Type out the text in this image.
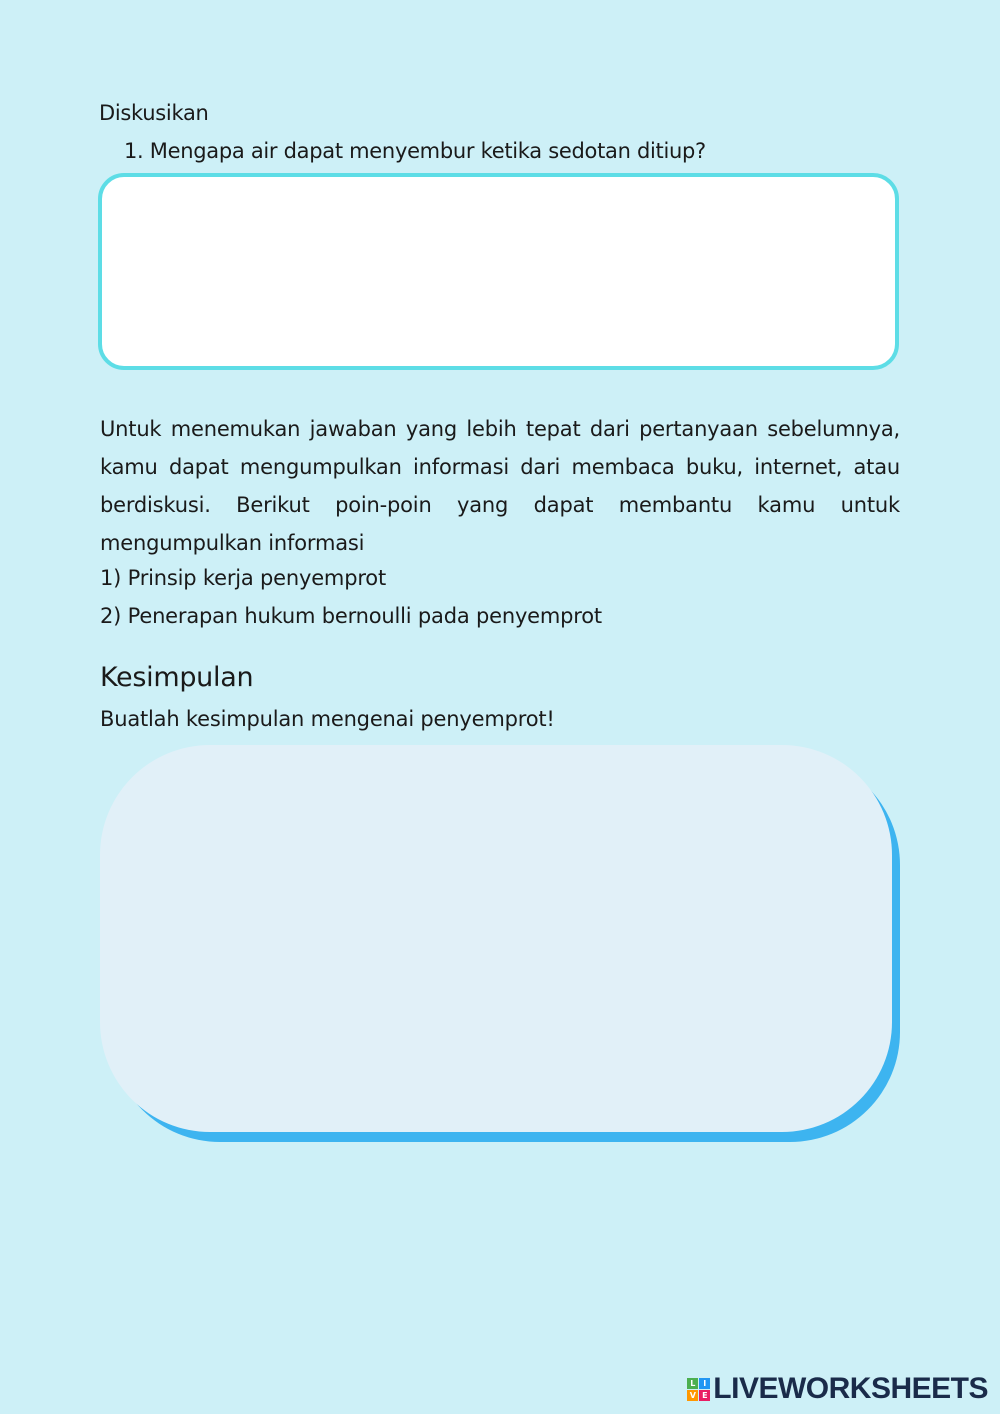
Diskusikan
1. Mengapa air dapat menyembur ketika sedotan ditiup?
Untuk menemukan jawaban yang lebih tepat dari pertanyaan sebelumnya, kamu dapat mengumpulkan informasi dari membaca buku, internet, atau berdiskusi. Berikut poin-poin yang dapat membantu kamu untuk mengumpulkan informasi
1) Prinsip kerja penyemprot
2) Penerapan hukum bernoulli pada penyemprot
Kesimpulan
Buatlah kesimpulan mengenai penyemprot!
L I
V E LIVEWORKSHEETS
